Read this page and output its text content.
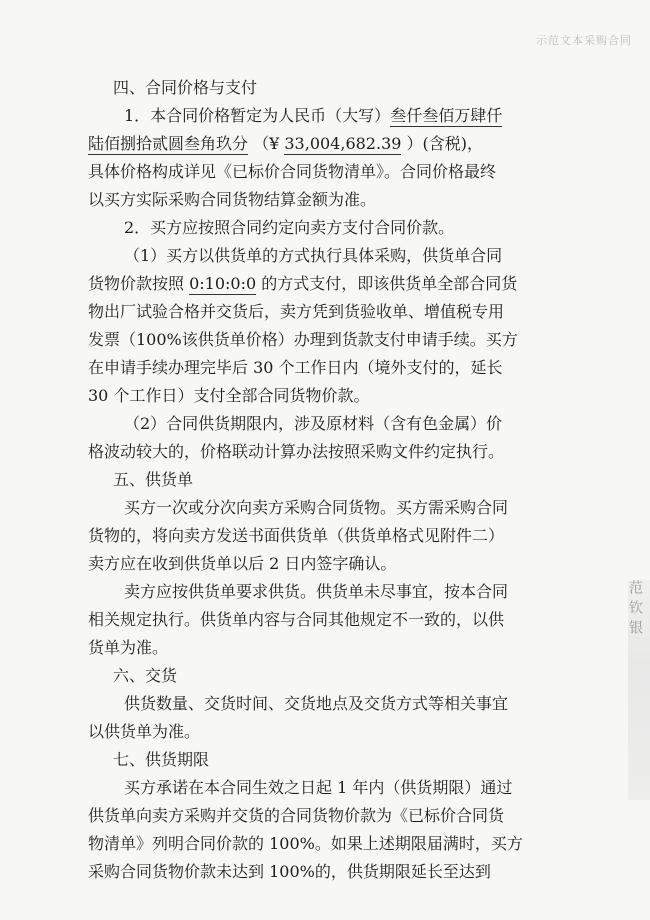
示范文本采购合同
四、合同价格与支付
1．本合同价格暂定为人民币（大写）叁仟叁佰万肆仟
陆佰捌拾贰圆叁角玖分 （¥ 33,004,682.39 ）(含税)，
具体价格构成详见《已标价合同货物清单》。合同价格最终
以买方实际采购合同货物结算金额为准。
2．买方应按照合同约定向卖方支付合同价款。
（1）买方以供货单的方式执行具体采购，供货单合同
货物价款按照 0:10:0:0 的方式支付，即该供货单全部合同货
物出厂试验合格并交货后，卖方凭到货验收单、增值税专用
发票（100%该供货单价格）办理到货款支付申请手续。买方
在申请手续办理完毕后 30 个工作日内（境外支付的，延长
30 个工作日）支付全部合同货物价款。
（2）合同供货期限内，涉及原材料（含有色金属）价
格波动较大的，价格联动计算办法按照采购文件约定执行。
五、供货单
买方一次或分次向卖方采购合同货物。买方需采购合同
货物的，将向卖方发送书面供货单（供货单格式见附件二）
卖方应在收到供货单以后 2 日内签字确认。
卖方应按供货单要求供货。供货单未尽事宜，按本合同
相关规定执行。供货单内容与合同其他规定不一致的，以供
货单为准。
六、交货
供货数量、交货时间、交货地点及交货方式等相关事宜
以供货单为准。
七、供货期限
买方承诺在本合同生效之日起 1 年内（供货期限）通过
供货单向卖方采购并交货的合同货物价款为《已标价合同货
物清单》列明合同价款的 100%。如果上述期限届满时，买方
采购合同货物价款未达到 100%的，供货期限延长至达到
范钦银
